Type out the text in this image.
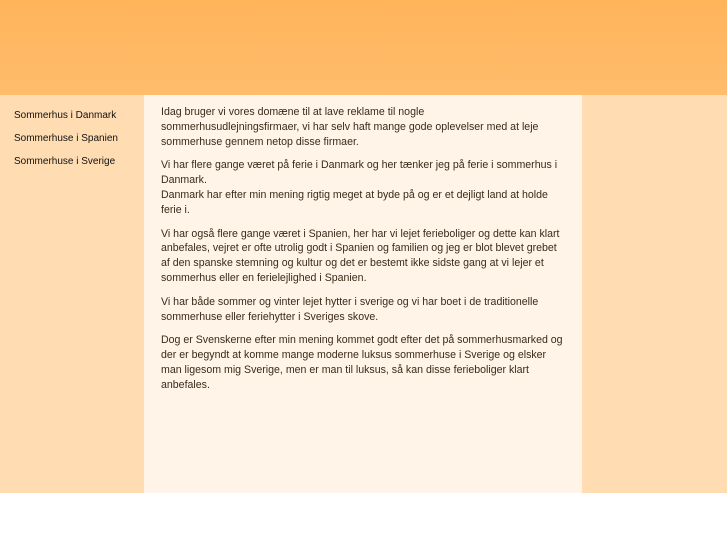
Sommerhus i Danmark
Sommerhuse i Spanien
Sommerhuse i Sverige

Idag bruger vi vores domæne til at lave reklame til nogle sommerhusudlejningsfirmaer, vi har selv haft mange gode oplevelser med at leje sommerhuse gennem netop disse firmaer.

Vi har flere gange været på ferie i Danmark og her tænker jeg på ferie i sommerhus i Danmark.
Danmark har efter min mening rigtig meget at byde på og er et dejligt land at holde ferie i.

Vi har også flere gange været i Spanien, her har vi lejet ferieboliger og dette kan klart anbefales, vejret er ofte utrolig godt i Spanien og familien og jeg er blot blevet grebet af den spanske stemning og kultur og det er bestemt ikke sidste gang at vi lejer et sommerhus eller en ferielejlighed i Spanien.

Vi har både sommer og vinter lejet hytter i sverige og vi har boet i de traditionelle sommerhuse eller feriehytter i Sveriges skove.

Dog er Svenskerne efter min mening kommet godt efter det på sommerhusmarked og der er begyndt at komme mange moderne luksus sommerhuse i Sverige og elsker man ligesom mig Sverige, men er man til luksus, så kan disse ferieboliger klart anbefales.
